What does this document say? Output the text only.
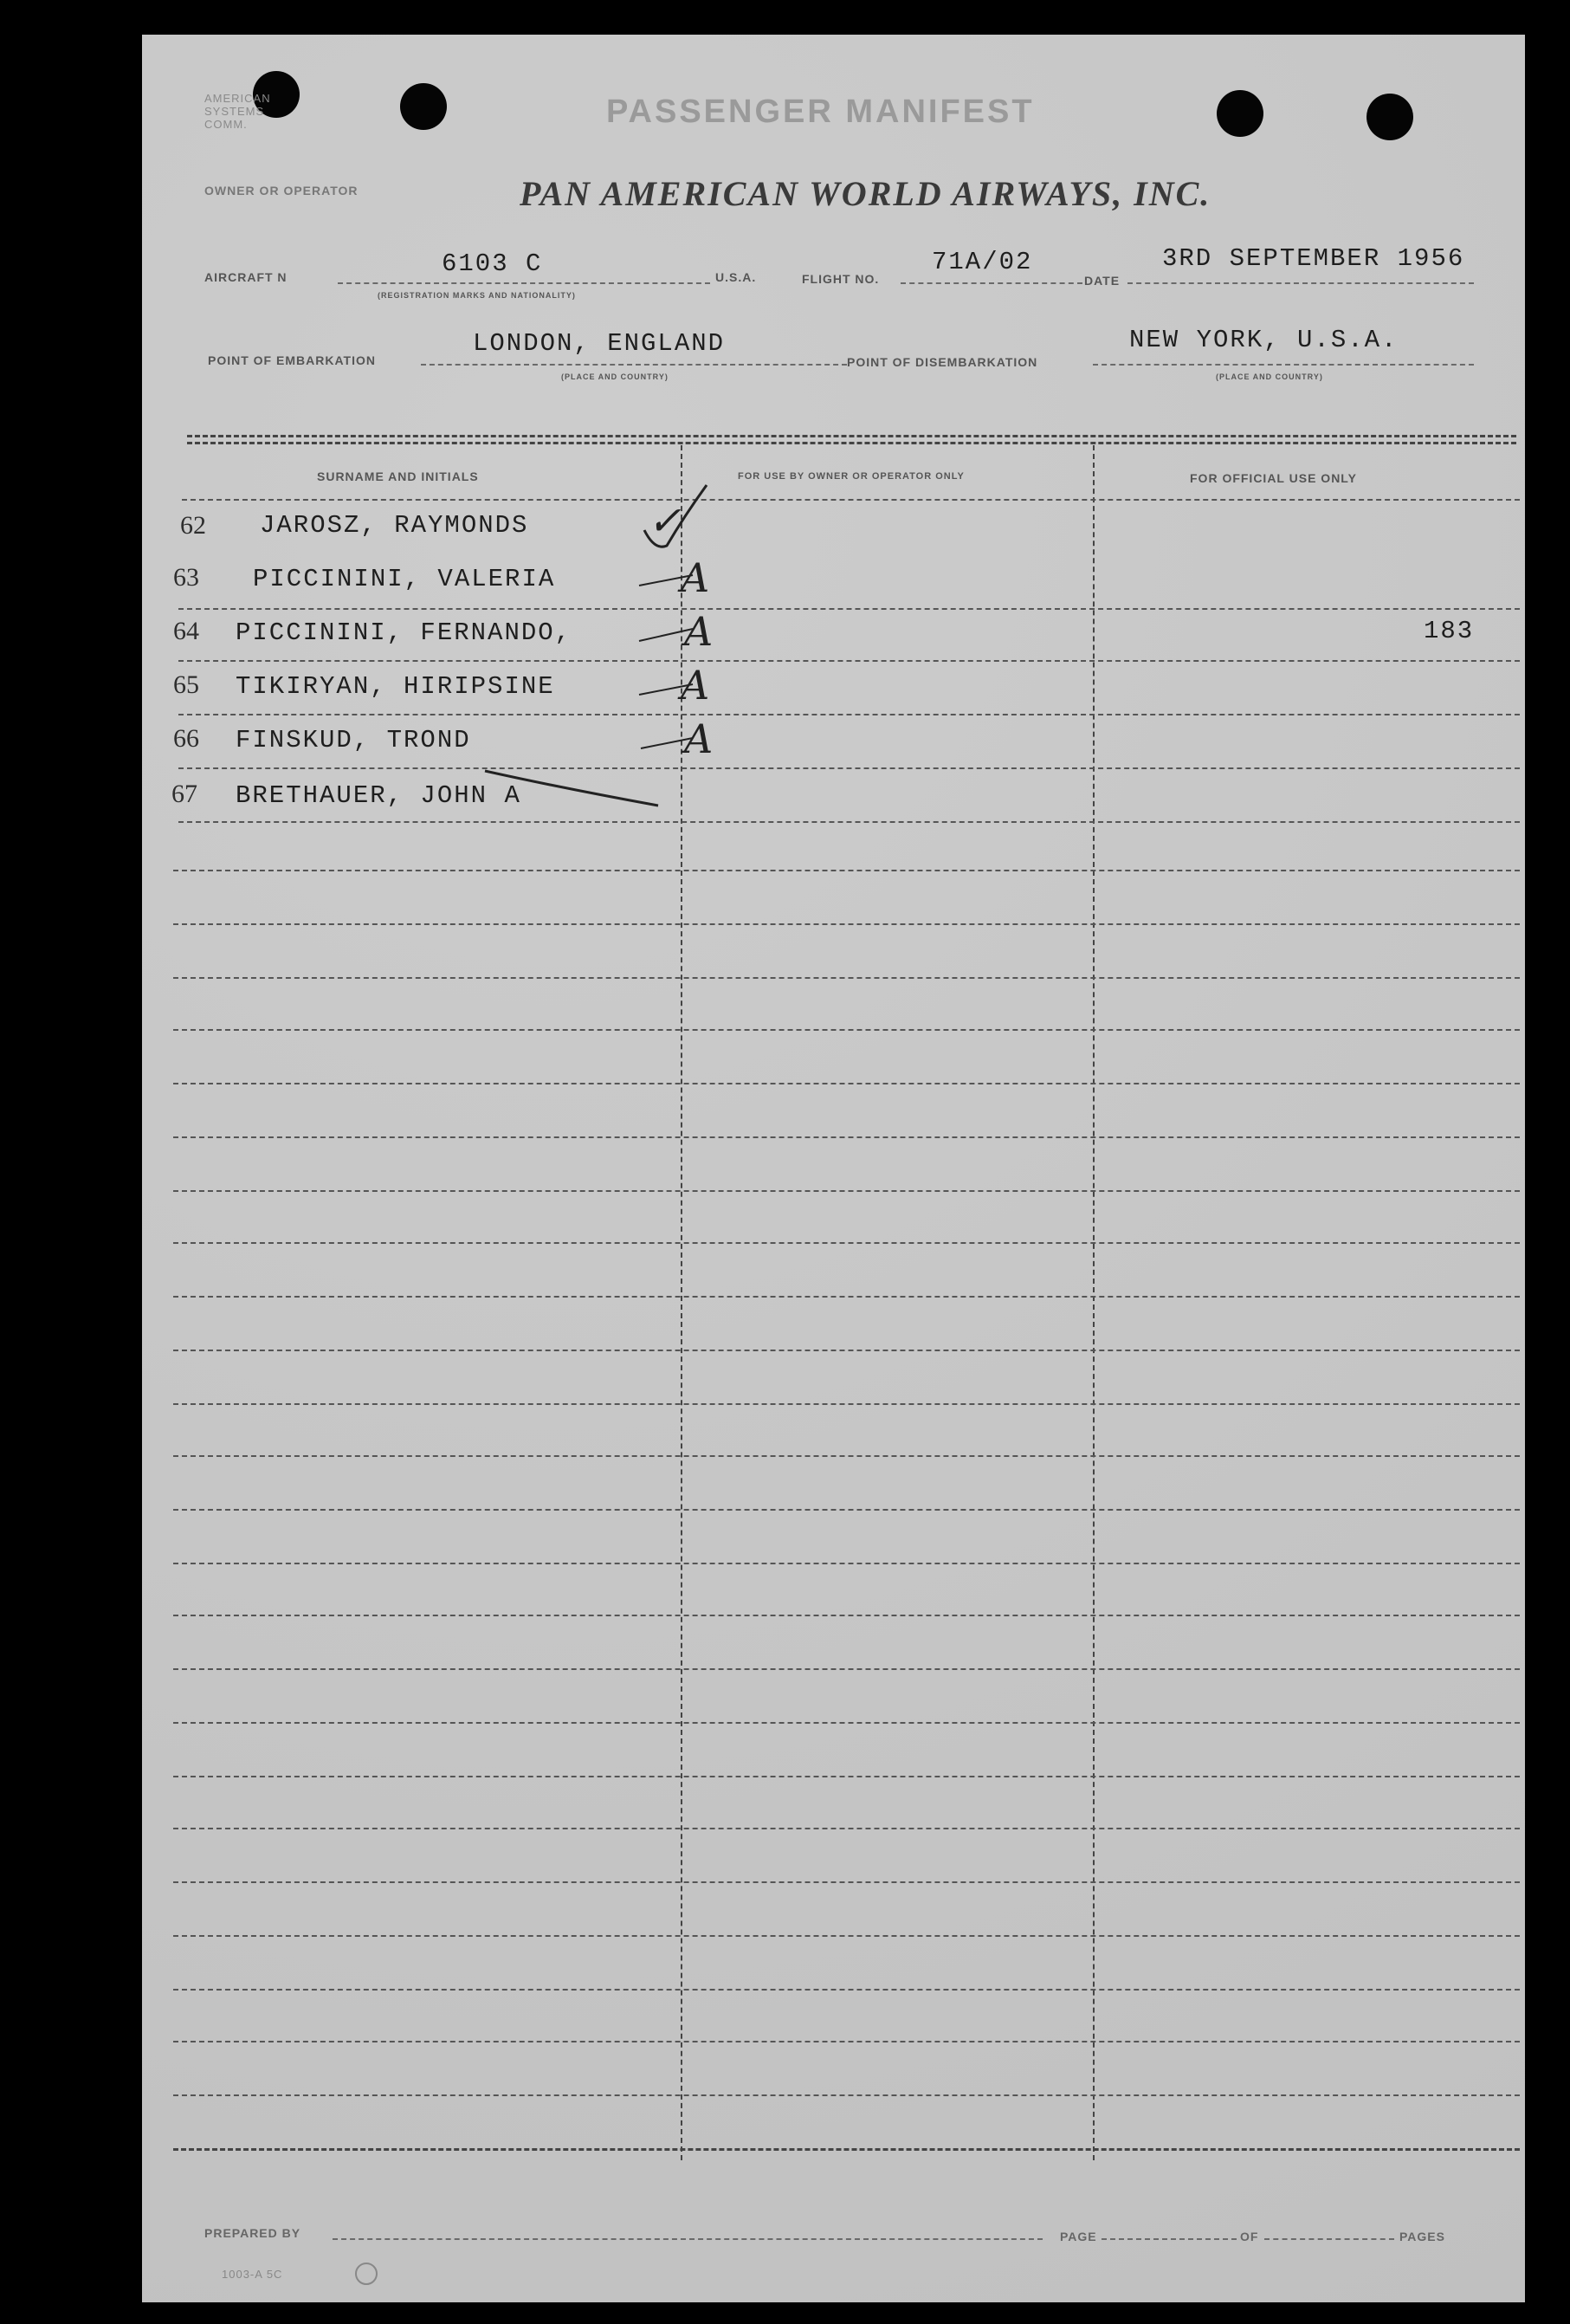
AMERICAN SYSTEMS COMM.	PASSENGER MANIFEST
OWNER OR OPERATOR	PAN AMERICAN WORLD AIRWAYS, INC.
AIRCRAFT N	6103 C
(REGISTRATION MARKS AND NATIONALITY)
U.S.A.	FLIGHT NO.
71A/02
DATE
3RD SEPTEMBER 1956
POINT OF EMBARKATION
LONDON, ENGLAND
(PLACE AND COUNTRY)
POINT OF DISEMBARKATION
NEW YORK, U.S.A.
(PLACE AND COUNTRY)
SURNAME AND INITIALS	FOR USE BY OWNER OR OPERATOR ONLY	FOR OFFICIAL USE ONLY
62 JAROSZ, RAYMONDS	✓
63 PICCININI, VALERIA	A
64 PICCININI, FERNANDO,	A	183
65 TIKIRYAN, HIRIPSINE	A
66 FINSKUD, TROND	A
67 BRETHAUER, JOHN A
PREPARED BY	PAGE	OF	PAGES
1003-A 5C
